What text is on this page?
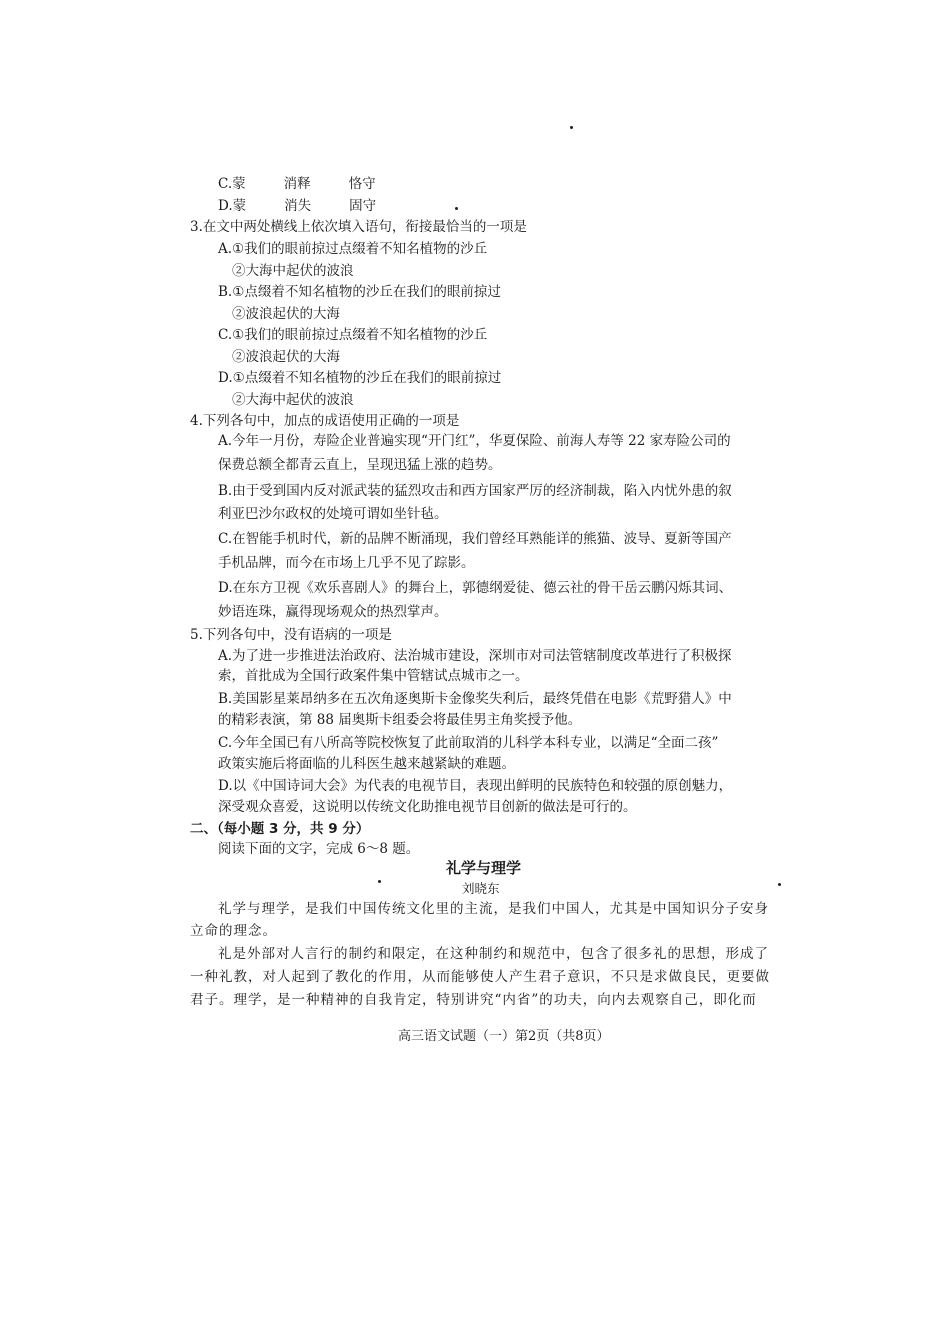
C.蒙	消释	恪守
D.蒙	消失	固守
3.在文中两处横线上依次填入语句，衔接最恰当的一项是
A.①我们的眼前掠过点缀着不知名植物的沙丘
②大海中起伏的波浪
B.①点缀着不知名植物的沙丘在我们的眼前掠过
②波浪起伏的大海
C.①我们的眼前掠过点缀着不知名植物的沙丘
②波浪起伏的大海
D.①点缀着不知名植物的沙丘在我们的眼前掠过
②大海中起伏的波浪
4.下列各句中，加点的成语使用正确的一项是
A.今年一月份，寿险企业普遍实现“开门红”，华夏保险、前海人寿等 22 家寿险公司的
保费总额全都青云直上，呈现迅猛上涨的趋势。
B.由于受到国内反对派武装的猛烈攻击和西方国家严厉的经济制裁，陷入内忧外患的叙
利亚巴沙尔政权的处境可谓如坐针毡。
C.在智能手机时代，新的品牌不断涌现，我们曾经耳熟能详的熊猫、波导、夏新等国产
手机品牌，而今在市场上几乎不见了踪影。
D.在东方卫视《欢乐喜剧人》的舞台上，郭德纲爱徒、德云社的骨干岳云鹏闪烁其词、
妙语连珠，赢得现场观众的热烈掌声。
5.下列各句中，没有语病的一项是
A.为了进一步推进法治政府、法治城市建设，深圳市对司法管辖制度改革进行了积极探
索，首批成为全国行政案件集中管辖试点城市之一。
B.美国影星莱昂纳多在五次角逐奥斯卡金像奖失利后，最终凭借在电影《荒野猎人》中
的精彩表演，第 88 届奥斯卡组委会将最佳男主角奖授予他。
C.今年全国已有八所高等院校恢复了此前取消的儿科学本科专业，以满足“全面二孩”
政策实施后将面临的儿科医生越来越紧缺的难题。
D.以《中国诗词大会》为代表的电视节目，表现出鲜明的民族特色和较强的原创魅力，
深受观众喜爱，这说明以传统文化助推电视节目创新的做法是可行的。
二、（每小题 3 分，共 9 分）
阅读下面的文字，完成 6～8 题。
礼学与理学
刘晓东
礼学与理学，是我们中国传统文化里的主流，是我们中国人，尤其是中国知识分子安身
立命的理念。
礼是外部对人言行的制约和限定，在这种制约和规范中，包含了很多礼的思想，形成了
一种礼教，对人起到了教化的作用，从而能够使人产生君子意识，不只是求做良民，更要做
君子。理学，是一种精神的自我肯定，特别讲究“内省”的功夫，向内去观察自己，即化而
高三语文试题（一）第2页（共8页）
